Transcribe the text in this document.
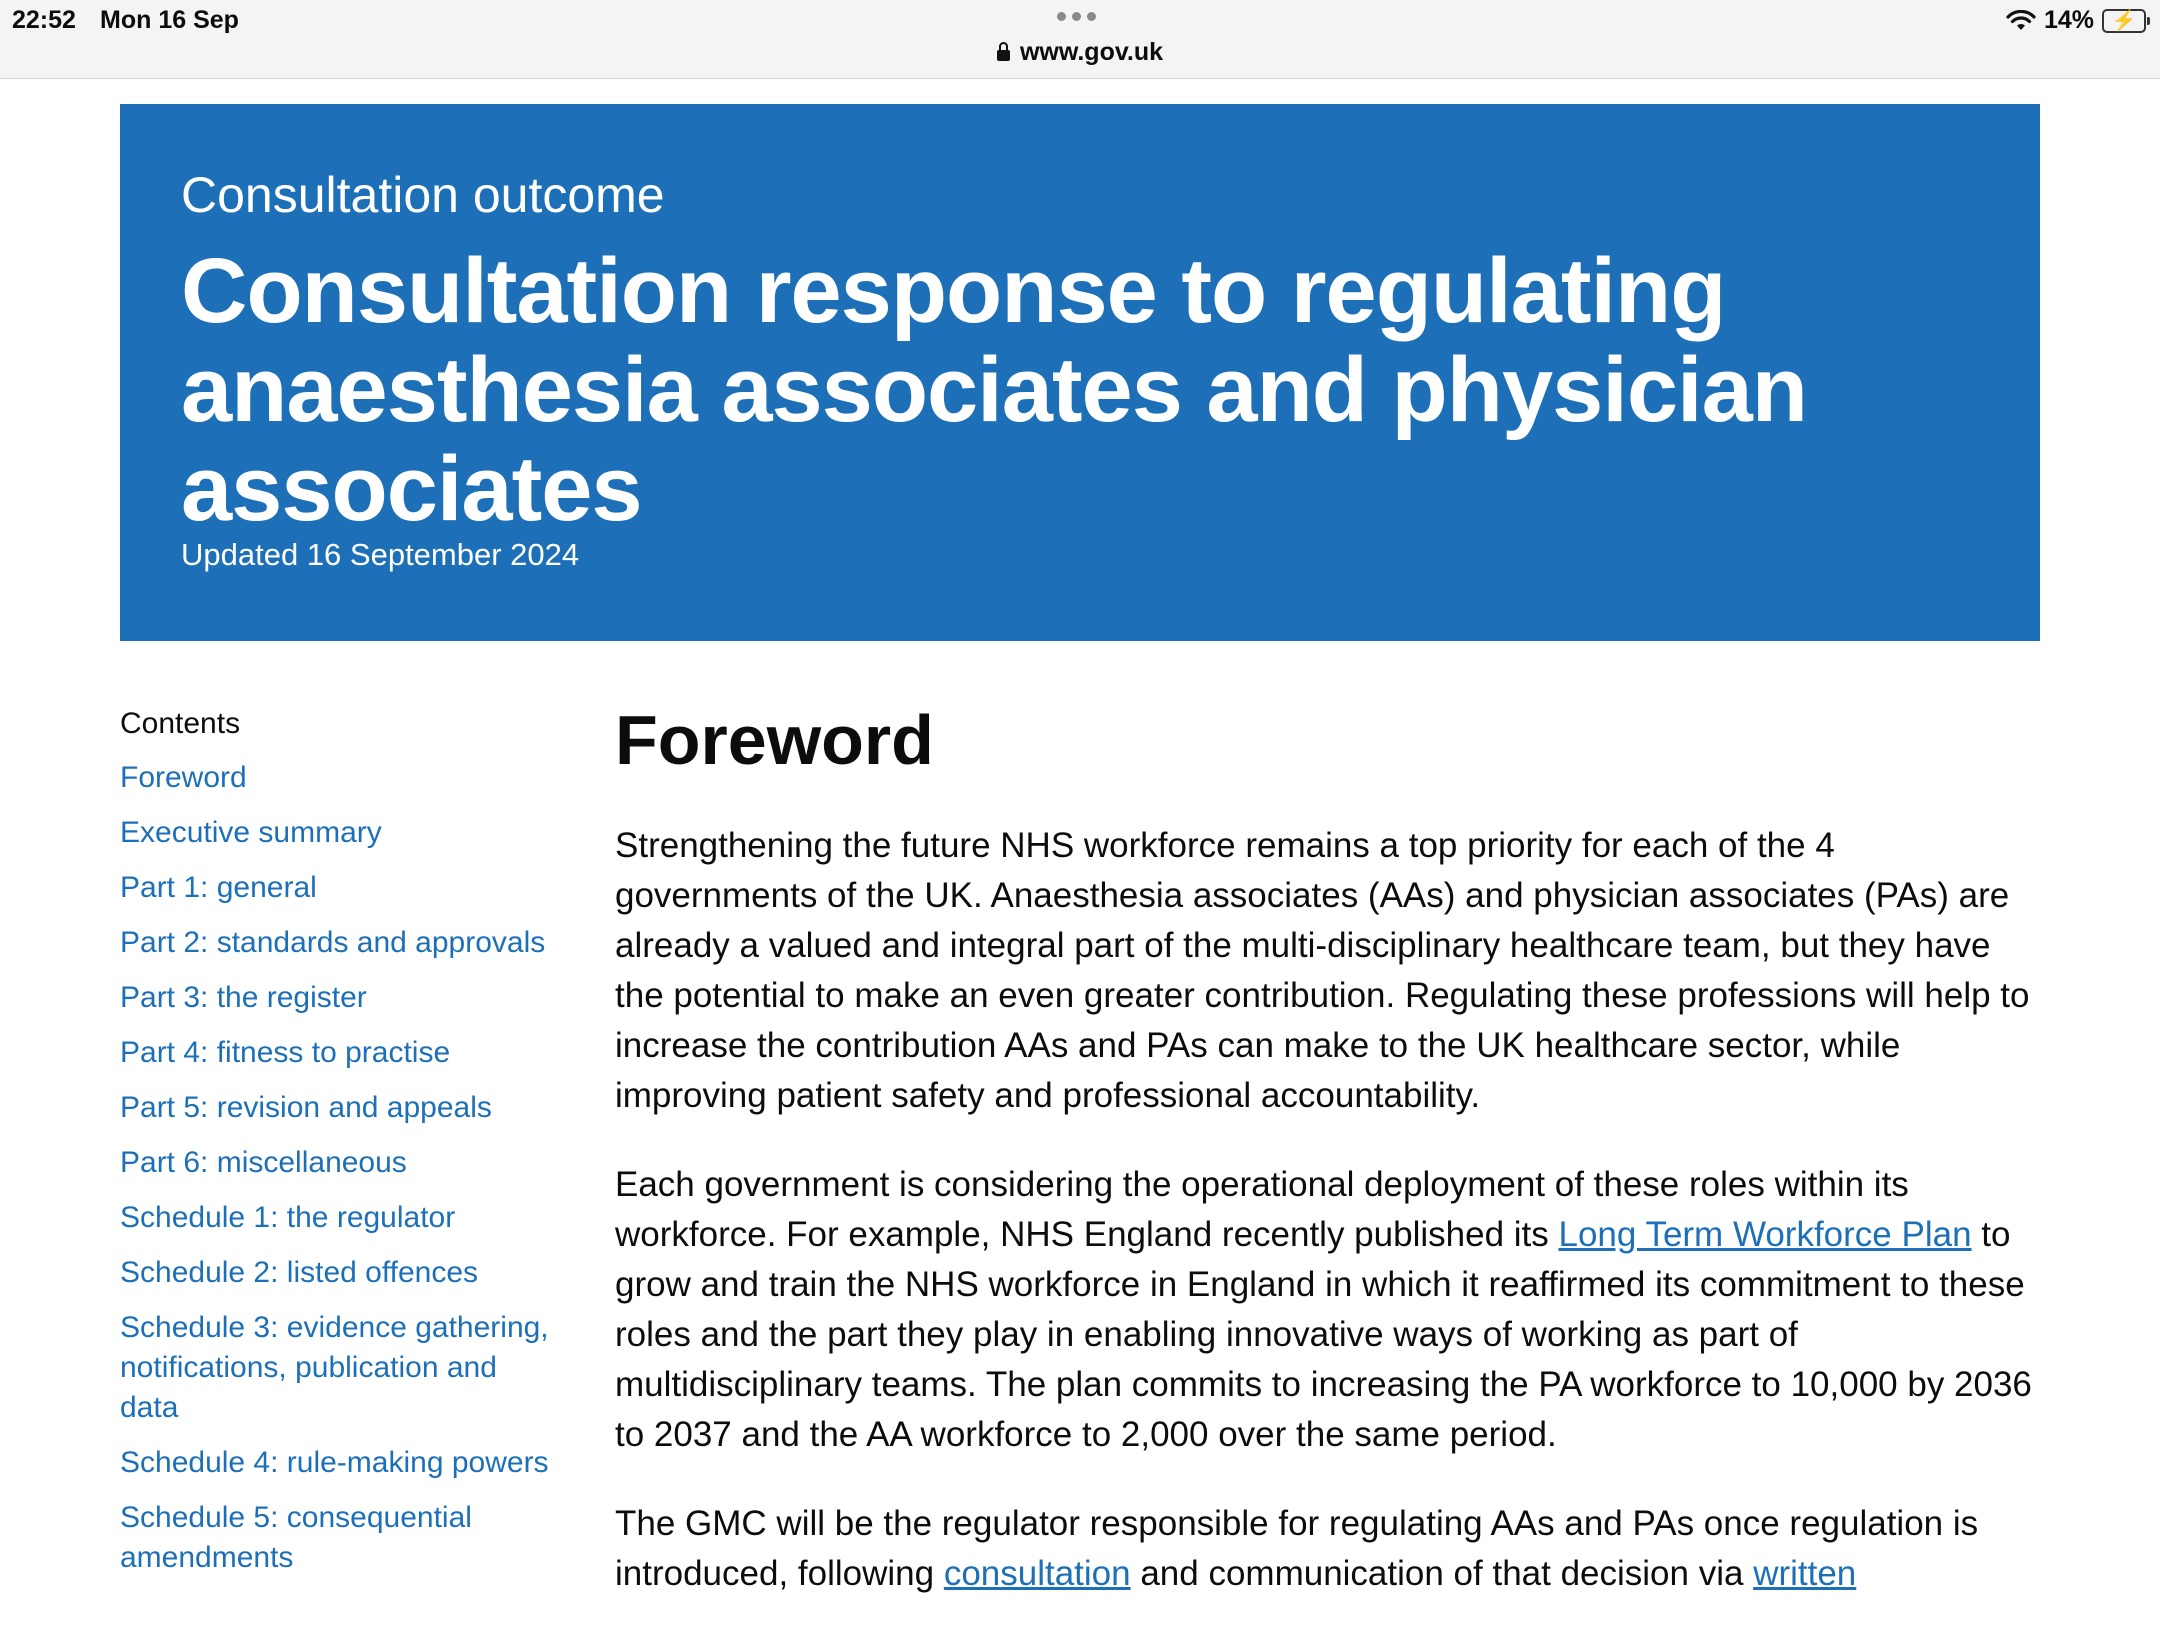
22:52 Mon 16 Sep
www.gov.uk
14% ⚡
Consultation outcome
Consultation response to regulating anaesthesia associates and physician associates
Updated 16 September 2024
Contents
Foreword
Executive summary
Part 1: general
Part 2: standards and approvals
Part 3: the register
Part 4: fitness to practise
Part 5: revision and appeals
Part 6: miscellaneous
Schedule 1: the regulator
Schedule 2: listed offences
Schedule 3: evidence gathering, notifications, publication and data
Schedule 4: rule-making powers
Schedule 5: consequential amendments
Foreword

Strengthening the future NHS workforce remains a top priority for each of the 4 governments of the UK. Anaesthesia associates (AAs) and physician associates (PAs) are already a valued and integral part of the multi-disciplinary healthcare team, but they have the potential to make an even greater contribution. Regulating these professions will help to increase the contribution AAs and PAs can make to the UK healthcare sector, while improving patient safety and professional accountability.

Each government is considering the operational deployment of these roles within its workforce. For example, NHS England recently published its Long Term Workforce Plan to grow and train the NHS workforce in England in which it reaffirmed its commitment to these roles and the part they play in enabling innovative ways of working as part of multidisciplinary teams. The plan commits to increasing the PA workforce to 10,000 by 2036 to 2037 and the AA workforce to 2,000 over the same period.

The GMC will be the regulator responsible for regulating AAs and PAs once regulation is introduced, following consultation and communication of that decision via written
